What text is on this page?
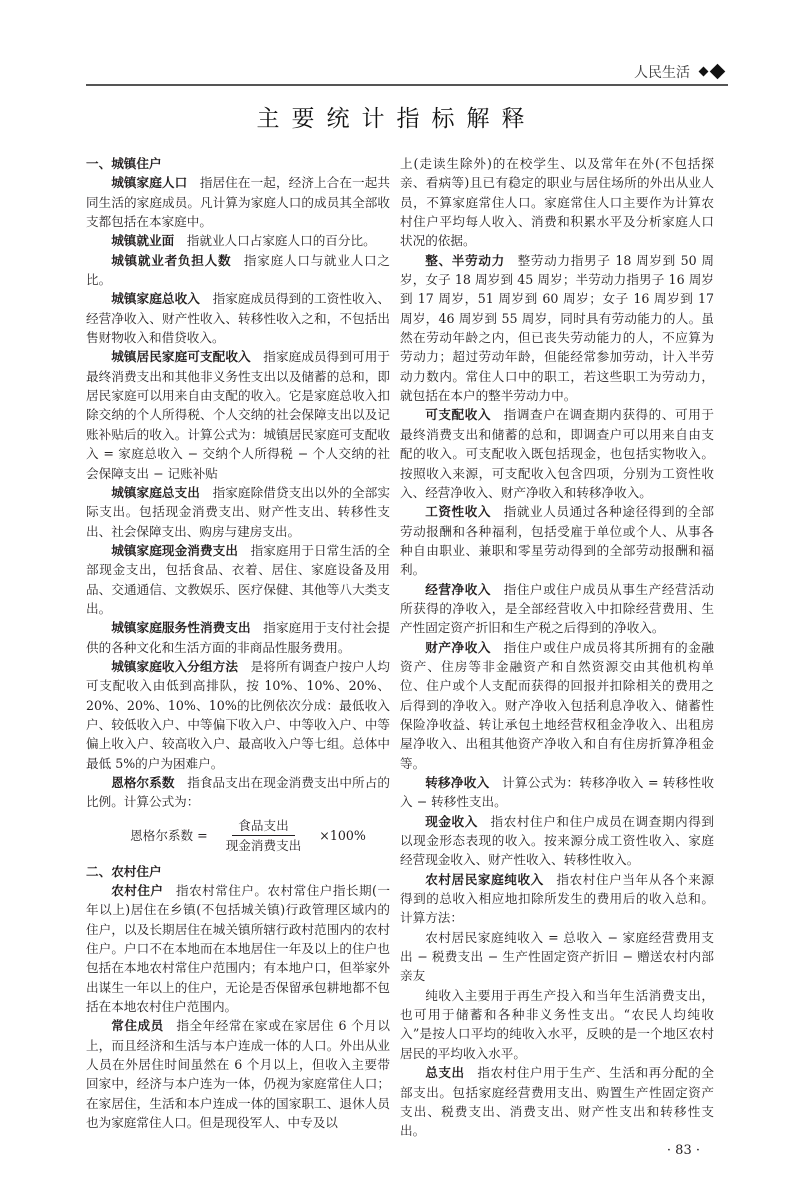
人民生活
主要统计指标解释

一、城镇住户

城镇家庭人口 指居住在一起，经济上合在一起共同生活的家庭成员。凡计算为家庭人口的成员其全部收支都包括在本家庭中。

城镇就业面 指就业人口占家庭人口的百分比。

城镇就业者负担人数 指家庭人口与就业人口之比。

城镇家庭总收入 指家庭成员得到的工资性收入、经营净收入、财产性收入、转移性收入之和，不包括出售财物收入和借贷收入。

城镇居民家庭可支配收入 指家庭成员得到可用于最终消费支出和其他非义务性支出以及储蓄的总和，即居民家庭可以用来自由支配的收入。它是家庭总收入扣除交纳的个人所得税、个人交纳的社会保障支出以及记账补贴后的收入。计算公式为：城镇居民家庭可支配收入 = 家庭总收入 − 交纳个人所得税 − 个人交纳的社会保障支出 − 记账补贴

城镇家庭总支出 指家庭除借贷支出以外的全部实际支出。包括现金消费支出、财产性支出、转移性支出、社会保障支出、购房与建房支出。

城镇家庭现金消费支出 指家庭用于日常生活的全部现金支出，包括食品、衣着、居住、家庭设备及用品、交通通信、文教娱乐、医疗保健、其他等八大类支出。

城镇家庭服务性消费支出 指家庭用于支付社会提供的各种文化和生活方面的非商品性服务费用。

城镇家庭收入分组方法 是将所有调查户按户人均可支配收入由低到高排队，按 10%、10%、20%、20%、20%、10%、10%的比例依次分成：最低收入户、较低收入户、中等偏下收入户、中等收入户、中等偏上收入户、较高收入户、最高收入户等七组。总体中最低 5%的户为困难户。

恩格尔系数 指食品支出在现金消费支出中所占的比例。计算公式为：

恩格尔系数 = $\frac{\text{食品支出}}{\text{现金消费支出}} \times 100\%$

二、农村住户

农村住户 指农村常住户。农村常住户指长期(一年以上)居住在乡镇(不包括城关镇)行政管理区域内的住户，以及长期居住在城关镇所辖行政村范围内的农村住户。户口不在本地而在本地居住一年及以上的住户也包括在本地农村常住户范围内；有本地户口，但举家外出谋生一年以上的住户，无论是否保留承包耕地都不包括在本地农村住户范围内。

常住成员 指全年经常在家或在家居住 6 个月以上，而且经济和生活与本户连成一体的人口。外出从业人员在外居住时间虽然在 6 个月以上，但收入主要带回家中，经济与本户连为一体，仍视为家庭常住人口；在家居住，生活和本户连成一体的国家职工、退休人员也为家庭常住人口。但是现役军人、中专及以

上(走读生除外)的在校学生、以及常年在外(不包括探亲、看病等)且已有稳定的职业与居住场所的外出从业人员，不算家庭常住人口。家庭常住人口主要作为计算农村住户平均每人收入、消费和积累水平及分析家庭人口状况的依据。

整、半劳动力 整劳动力指男子 18 周岁到 50 周岁，女子 18 周岁到 45 周岁；半劳动力指男子 16 周岁到 17 周岁，51 周岁到 60 周岁；女子 16 周岁到 17 周岁，46 周岁到 55 周岁，同时具有劳动能力的人。虽然在劳动年龄之内，但已丧失劳动能力的人，不应算为劳动力；超过劳动年龄，但能经常参加劳动，计入半劳动力数内。常住人口中的职工，若这些职工为劳动力，就包括在本户的整半劳动力中。

可支配收入 指调查户在调查期内获得的、可用于最终消费支出和储蓄的总和，即调查户可以用来自由支配的收入。可支配收入既包括现金，也包括实物收入。按照收入来源，可支配收入包含四项，分别为工资性收入、经营净收入、财产净收入和转移净收入。

工资性收入 指就业人员通过各种途径得到的全部劳动报酬和各种福利，包括受雇于单位或个人、从事各种自由职业、兼职和零星劳动得到的全部劳动报酬和福利。

经营净收入 指住户或住户成员从事生产经营活动所获得的净收入，是全部经营收入中扣除经营费用、生产性固定资产折旧和生产税之后得到的净收入。

财产净收入 指住户或住户成员将其所拥有的金融资产、住房等非金融资产和自然资源交由其他机构单位、住户或个人支配而获得的回报并扣除相关的费用之后得到的净收入。财产净收入包括利息净收入、储蓄性保险净收益、转让承包土地经营权租金净收入、出租房屋净收入、出租其他资产净收入和自有住房折算净租金等。

转移净收入 计算公式为：转移净收入 = 转移性收入 − 转移性支出。

现金收入 指农村住户和住户成员在调查期内得到以现金形态表现的收入。按来源分成工资性收入、家庭经营现金收入、财产性收入、转移性收入。

农村居民家庭纯收入 指农村住户当年从各个来源得到的总收入相应地扣除所发生的费用后的收入总和。计算方法：

农村居民家庭纯收入 = 总收入 − 家庭经营费用支出 − 税费支出 − 生产性固定资产折旧 − 赠送农村内部亲友

纯收入主要用于再生产投入和当年生活消费支出，也可用于储蓄和各种非义务性支出。“农民人均纯收入”是按人口平均的纯收入水平，反映的是一个地区农村居民的平均收入水平。

总支出 指农村住户用于生产、生活和再分配的全部支出。包括家庭经营费用支出、购置生产性固定资产支出、税费支出、消费支出、财产性支出和转移性支出。

· 83 ·
